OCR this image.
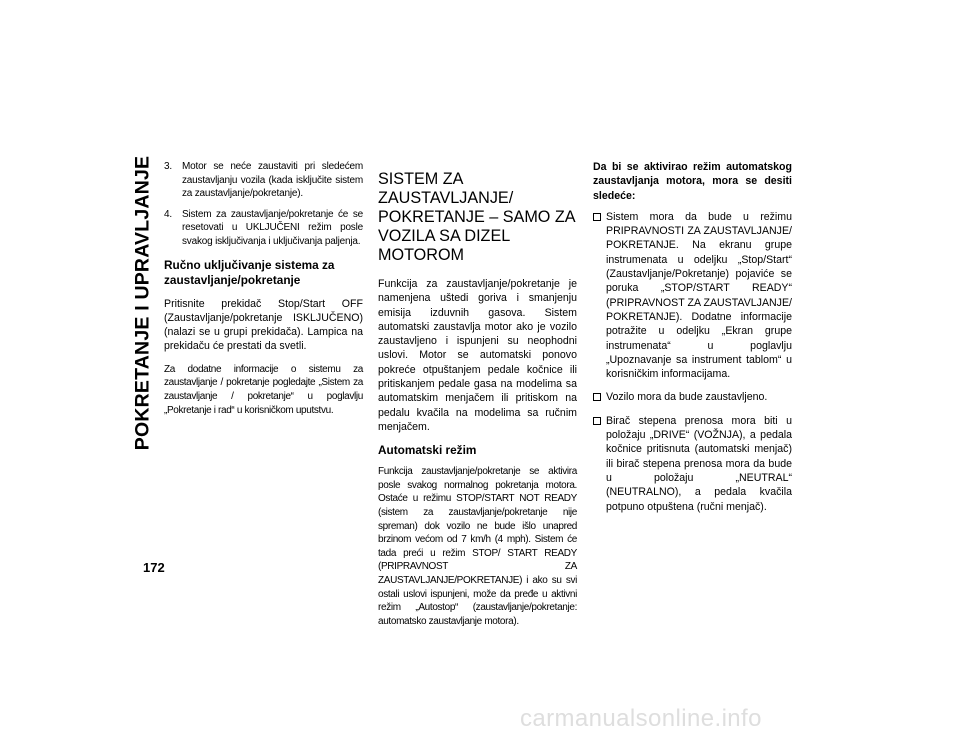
POKRETANJE I UPRAVLJANJE 3. Motor se neće zaustaviti pri sledećem zaustavljanju vozila (kada isključite sistem za zaustavljanje/pokretanje).
4. Sistem za zaustavljanje/pokretanje će se resetovati u UKLJUČENI režim posle svakog isključivanja i uključivanja paljenja.

Ručno uključivanje sistema za zaustavljanje/pokretanje

Pritisnite prekidač Stop/Start OFF (Zaustavljanje/pokretanje ISKLJUČENO) (nalazi se u grupi prekidača). Lampica na prekidaču će prestati da svetli.

Za dodatne informacije o sistemu za zaustavljanje / pokretanje pogledajte „Sistem za zaustavljanje / pokretanje“ u poglavlju „Pokretanje i rad“ u korisničkom uputstvu.

SISTEM ZA ZAUSTAVLJANJE/ POKRETANJE – SAMO ZA VOZILA SA DIZEL MOTOROM

Funkcija za zaustavljanje/pokretanje je namenjena uštedi goriva i smanjenju emisija izduvnih gasova. Sistem automatski zaustavlja motor ako je vozilo zaustavljeno i ispunjeni su neophodni uslovi. Motor se automatski ponovo pokreće otpuštanjem pedale kočnice ili pritiskanjem pedale gasa na modelima sa automatskim menjačem ili pritiskom na pedalu kvačila na modelima sa ručnim menjačem.

Automatski režim

Funkcija zaustavljanje/pokretanje se aktivira posle svakog normalnog pokretanja motora. Ostaće u režimu STOP/START NOT READY (sistem za zaustavljanje/pokretanje nije spreman) dok vozilo ne bude išlo unapred brzinom većom od 7 km/h (4 mph). Sistem će tada preći u režim STOP/ START READY (PRIPRAVNOST ZA ZAUSTAVLJANJE/POKRETANJE) i ako su svi ostali uslovi ispunjeni, može da pređe u aktivni režim „Autostop“ (zaustavljanje/pokretanje: automatsko zaustavljanje motora).

Da bi se aktivirao režim automatskog zaustavljanja motora, mora se desiti sledeće:

Sistem mora da bude u režimu PRIPRAVNOSTI ZA ZAUSTAVLJANJE/ POKRETANJE. Na ekranu grupe instrumenata u odeljku „Stop/Start“ (Zaustavljanje/Pokretanje) pojaviće se poruka „STOP/START READY“ (PRIPRAVNOST ZA ZAUSTAVLJANJE/ POKRETANJE). Dodatne informacije potražite u odeljku „Ekran grupe instrumenata“ u poglavlju „Upoznavanje sa instrument tablom“ u korisničkim informacijama.
Vozilo mora da bude zaustavljeno.
Birač stepena prenosa mora biti u položaju „DRIVE“ (VOŽNJA), a pedala kočnice pritisnuta (automatski menjač) ili birač stepena prenosa mora da bude u položaju „NEUTRAL“ (NEUTRALNO), a pedala kvačila potpuno otpuštena (ručni menjač).
172
carmanualsonline.info
